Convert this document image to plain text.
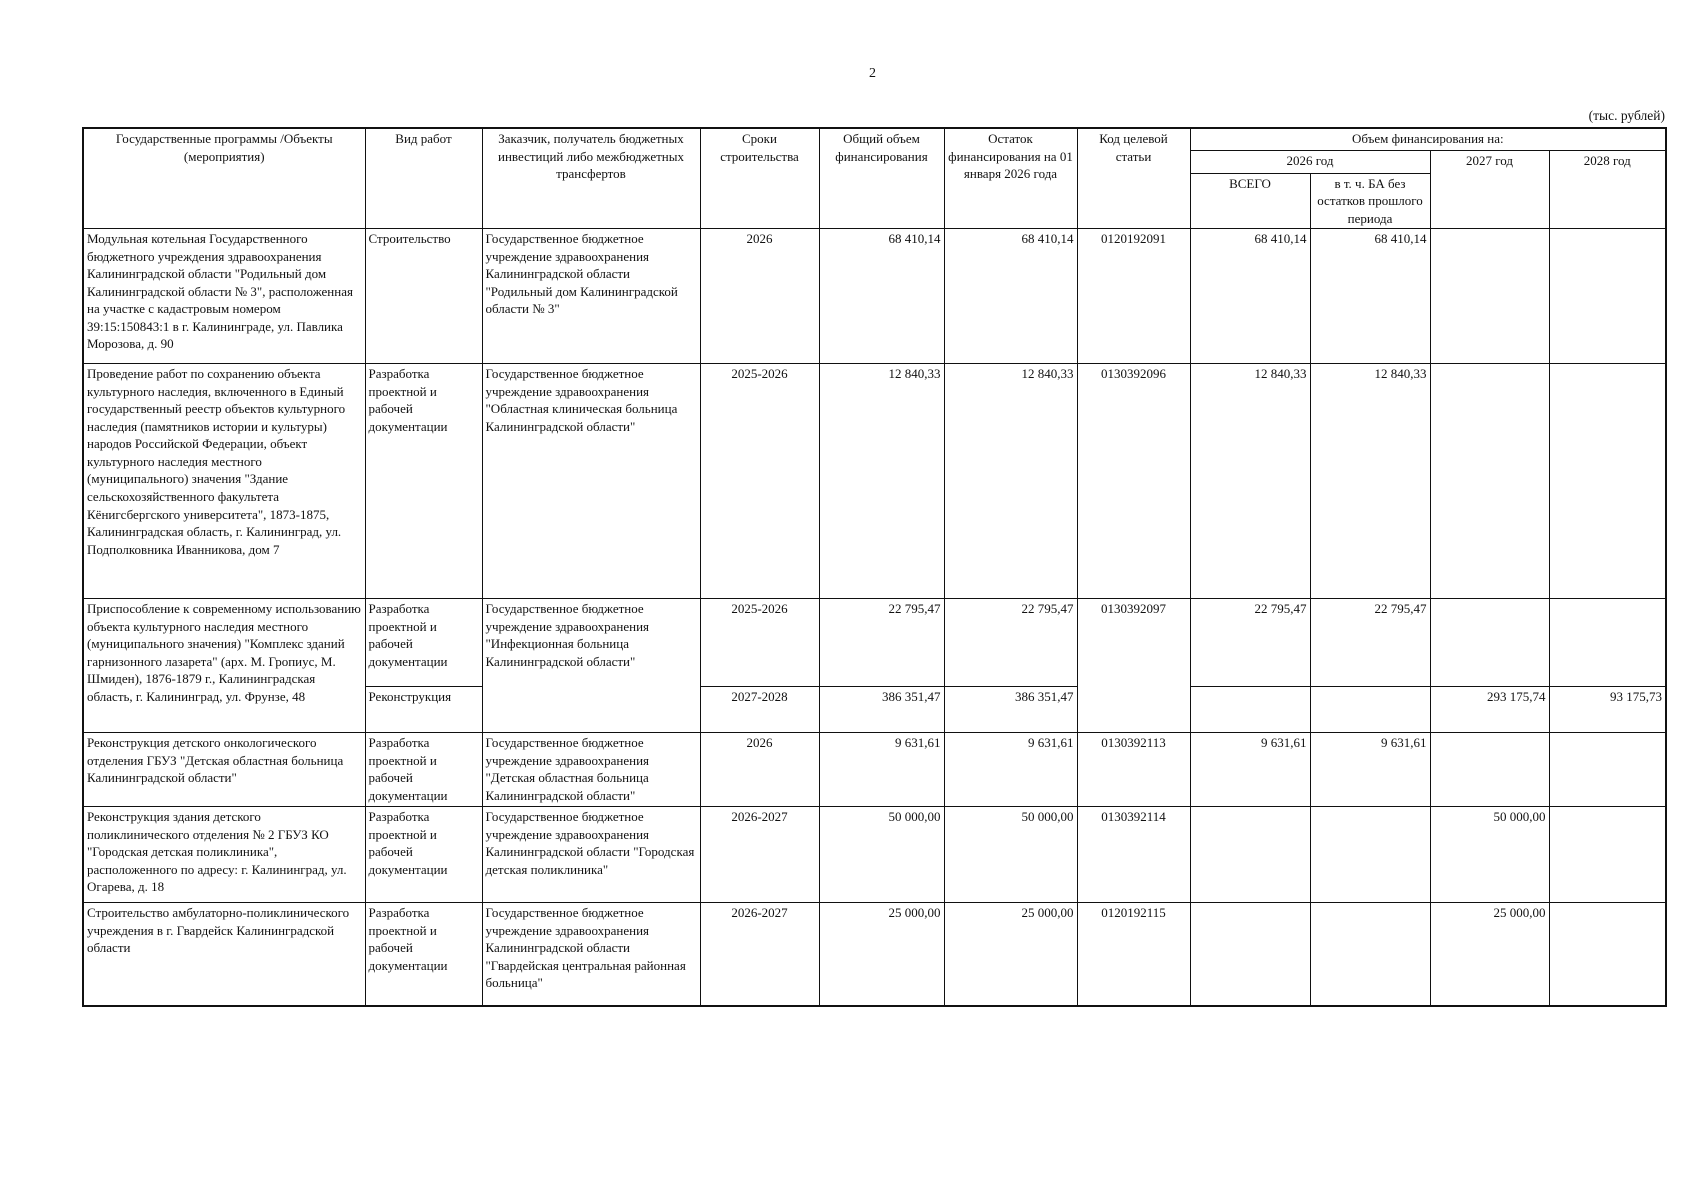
2
(тыс. рублей)
Государственные программы /Объекты (мероприятия)	Вид работ	Заказчик, получатель бюджетных инвестиций либо межбюджетных трансфертов	Сроки строительства	Общий объем финансирования	Остаток финансирования на 01 января 2026 года	Код целевой статьи	Объем финансирования на:			
							2026 год		2027 год	2028 год
							ВСЕГО	в т. ч. БА без остатков прошлого периода		
Модульная котельная Государственного бюджетного учреждения здравоохранения Калининградской области "Родильный дом Калининградской области № 3", расположенная на участке с кадастровым номером 39:15:150843:1 в г. Калининграде, ул. Павлика Морозова, д. 90	Строительство	Государственное бюджетное учреждение здравоохранения Калининградской области "Родильный дом Калининградской области № 3"	2026	68 410,14	68 410,14	0120192091	68 410,14	68 410,14		
Проведение работ по сохранению объекта культурного наследия, включенного в Единый государственный реестр объектов культурного наследия (памятников истории и культуры) народов Российской Федерации, объект культурного наследия местного (муниципального) значения "Здание сельскохозяйственного факультета Кёнигсбергского университета", 1873-1875, Калининградская область, г. Калининград, ул. Подполковника Иванникова, дом 7	Разработка проектной и рабочей документации	Государственное бюджетное учреждение здравоохранения "Областная клиническая больница Калининградской области"	2025-2026	12 840,33	12 840,33	0130392096	12 840,33	12 840,33		
Приспособление к современному использованию объекта культурного наследия местного (муниципального значения) "Комплекс зданий гарнизонного лазарета" (арх. М. Гропиус, М. Шмиден), 1876-1879 г., Калининградская область, г. Калининград, ул. Фрунзе, 48	Разработка проектной и рабочей документации	Государственное бюджетное учреждение здравоохранения "Инфекционная больница Калининградской области"	2025-2026	22 795,47	22 795,47	0130392097	22 795,47	22 795,47		
	Реконструкция		2027-2028	386 351,47	386 351,47				293 175,74	93 175,73
Реконструкция детского онкологического отделения ГБУЗ "Детская областная больница Калининградской области"	Разработка проектной и рабочей документации	Государственное бюджетное учреждение здравоохранения "Детская областная больница Калининградской области"	2026	9 631,61	9 631,61	0130392113	9 631,61	9 631,61		
Реконструкция здания детского поликлинического отделения № 2 ГБУЗ КО "Городская детская поликлиника", расположенного по адресу: г. Калининград, ул. Огарева, д. 18	Разработка проектной и рабочей документации	Государственное бюджетное учреждение здравоохранения Калининградской области "Городская детская поликлиника"	2026-2027	50 000,00	50 000,00	0130392114			50 000,00	
Строительство амбулаторно-поликлинического учреждения в г. Гвардейск Калининградской области	Разработка проектной и рабочей документации	Государственное бюджетное учреждение здравоохранения Калининградской области "Гвардейская центральная районная больница"	2026-2027	25 000,00	25 000,00	0120192115			25 000,00	
